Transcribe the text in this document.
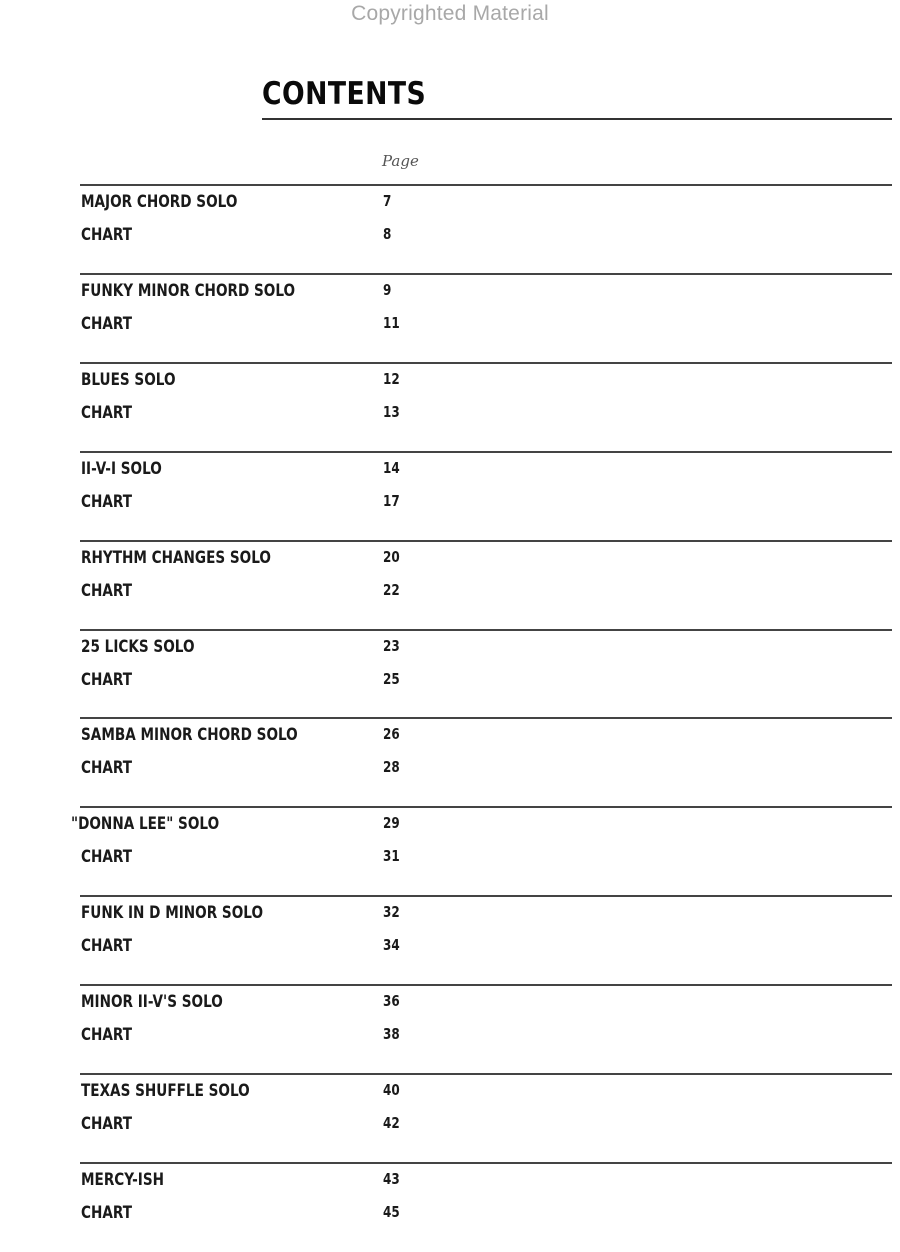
Copyrighted Material
CONTENTS
Page
MAJOR CHORD SOLO	7
CHART	8
FUNKY MINOR CHORD SOLO	9
CHART	11
BLUES SOLO	12
CHART	13
II-V-I SOLO	14
CHART	17
RHYTHM CHANGES SOLO	20
CHART	22
25 LICKS SOLO	23
CHART	25
SAMBA MINOR CHORD SOLO	26
CHART	28
"DONNA LEE" SOLO	29
CHART	31
FUNK IN D MINOR SOLO	32
CHART	34
MINOR II-V'S SOLO	36
CHART	38
TEXAS SHUFFLE SOLO	40
CHART	42
MERCY-ISH	43
CHART	45
